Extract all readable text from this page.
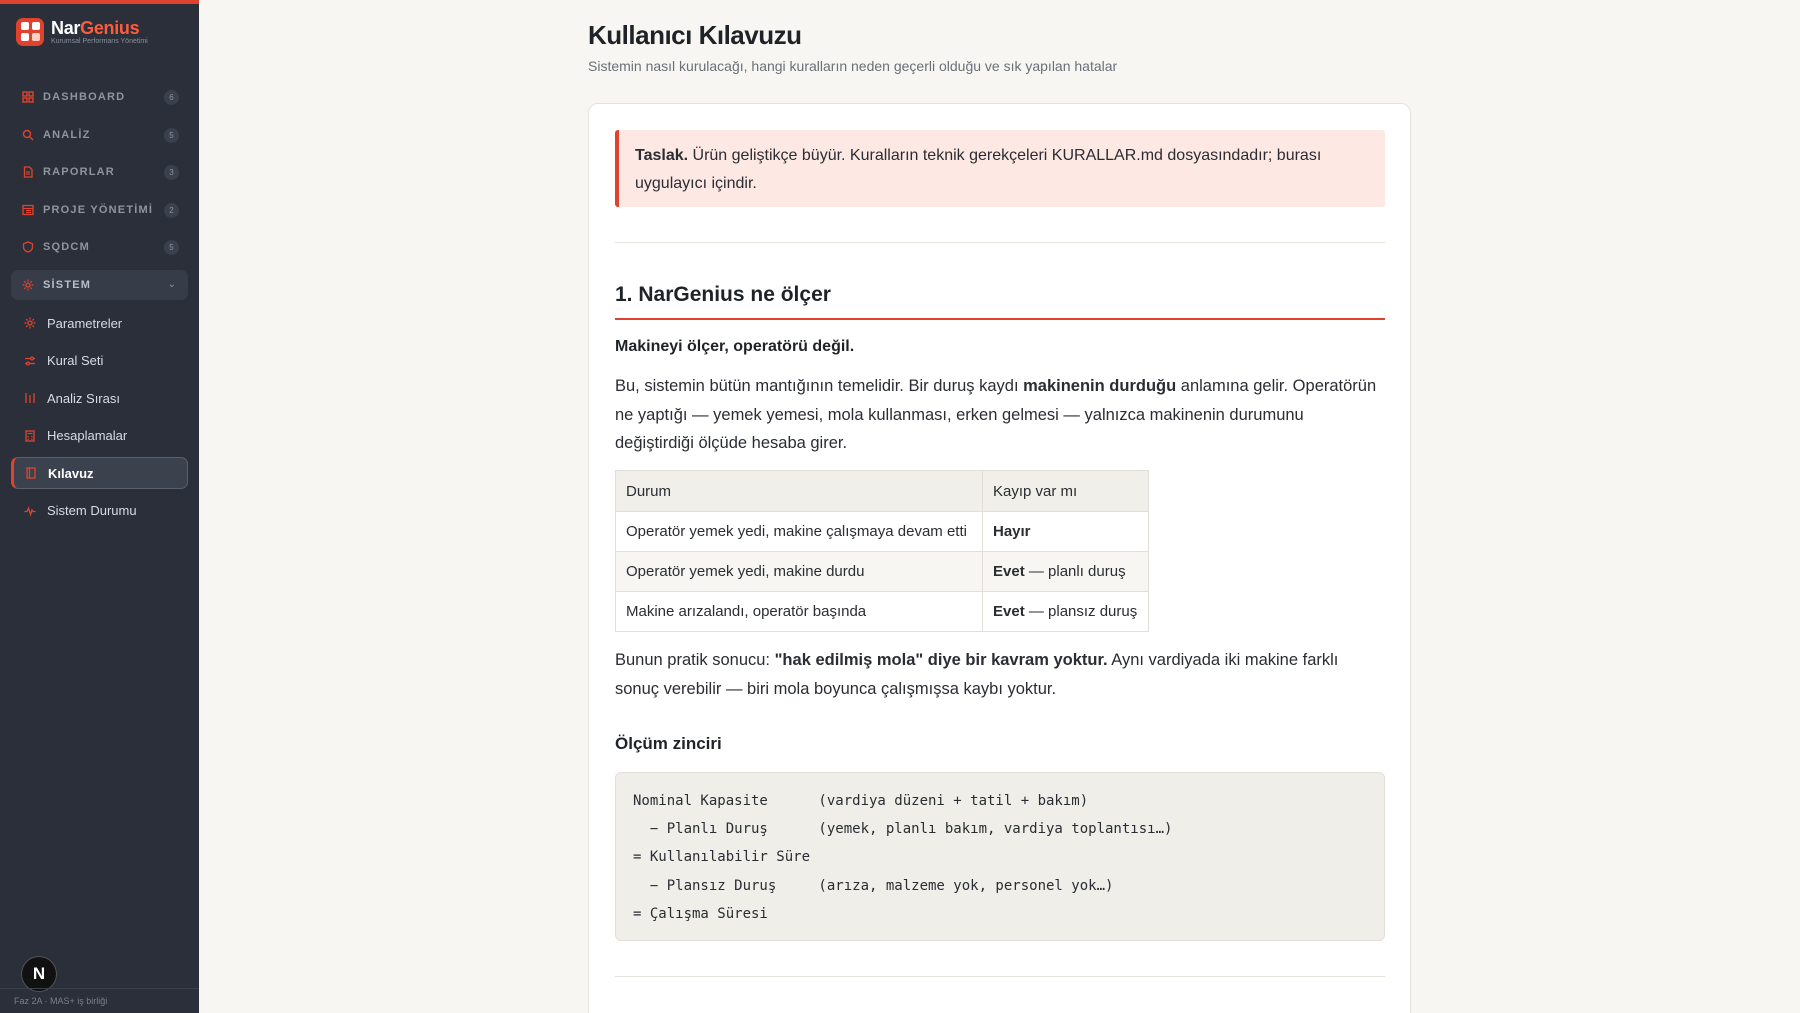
NarGenius
Kurumsal Performans Yönetimi
DASHBOARD	6
ANALİZ	5
RAPORLAR	3
PROJE YÖNETİMİ	2
SQDCM	5
SİSTEM	⌄
Parametreler
Kural Seti
Analiz Sırası
Hesaplamalar
Kılavuz
Sistem Durumu
N
Faz 2A · MAS+ iş birliği
Kullanıcı Kılavuzu
Sistemin nasıl kurulacağı, hangi kuralların neden geçerli olduğu ve sık yapılan hatalar
Taslak. Ürün geliştikçe büyür. Kuralların teknik gerekçeleri KURALLAR.md dosyasındadır; burası uygulayıcı içindir.
1. NarGenius ne ölçer
Makineyi ölçer, operatörü değil.

Bu, sistemin bütün mantığının temelidir. Bir duruş kaydı makinenin durduğu anlamına gelir. Operatörün ne yaptığı — yemek yemesi, mola kullanması, erken gelmesi — yalnızca makinenin durumunu değiştirdiği ölçüde hesaba girer.

Durum	Kayıp var mı
Operatör yemek yedi, makine çalışmaya devam etti	Hayır
Operatör yemek yedi, makine durdu	Evet — planlı duruş
Makine arızalandı, operatör başında	Evet — plansız duruş

Bunun pratik sonucu: "hak edilmiş mola" diye bir kavram yoktur. Aynı vardiyada iki makine farklı sonuç verebilir — biri mola boyunca çalışmışsa kaybı yoktur.

Ölçüm zinciri
Nominal Kapasite      (vardiya düzeni + tatil + bakım)
− Planlı Duruş      (yemek, planlı bakım, vardiya toplantısı…)
= Kullanılabilir Süre
− Plansız Duruş     (arıza, malzeme yok, personel yok…)
= Çalışma Süresi
